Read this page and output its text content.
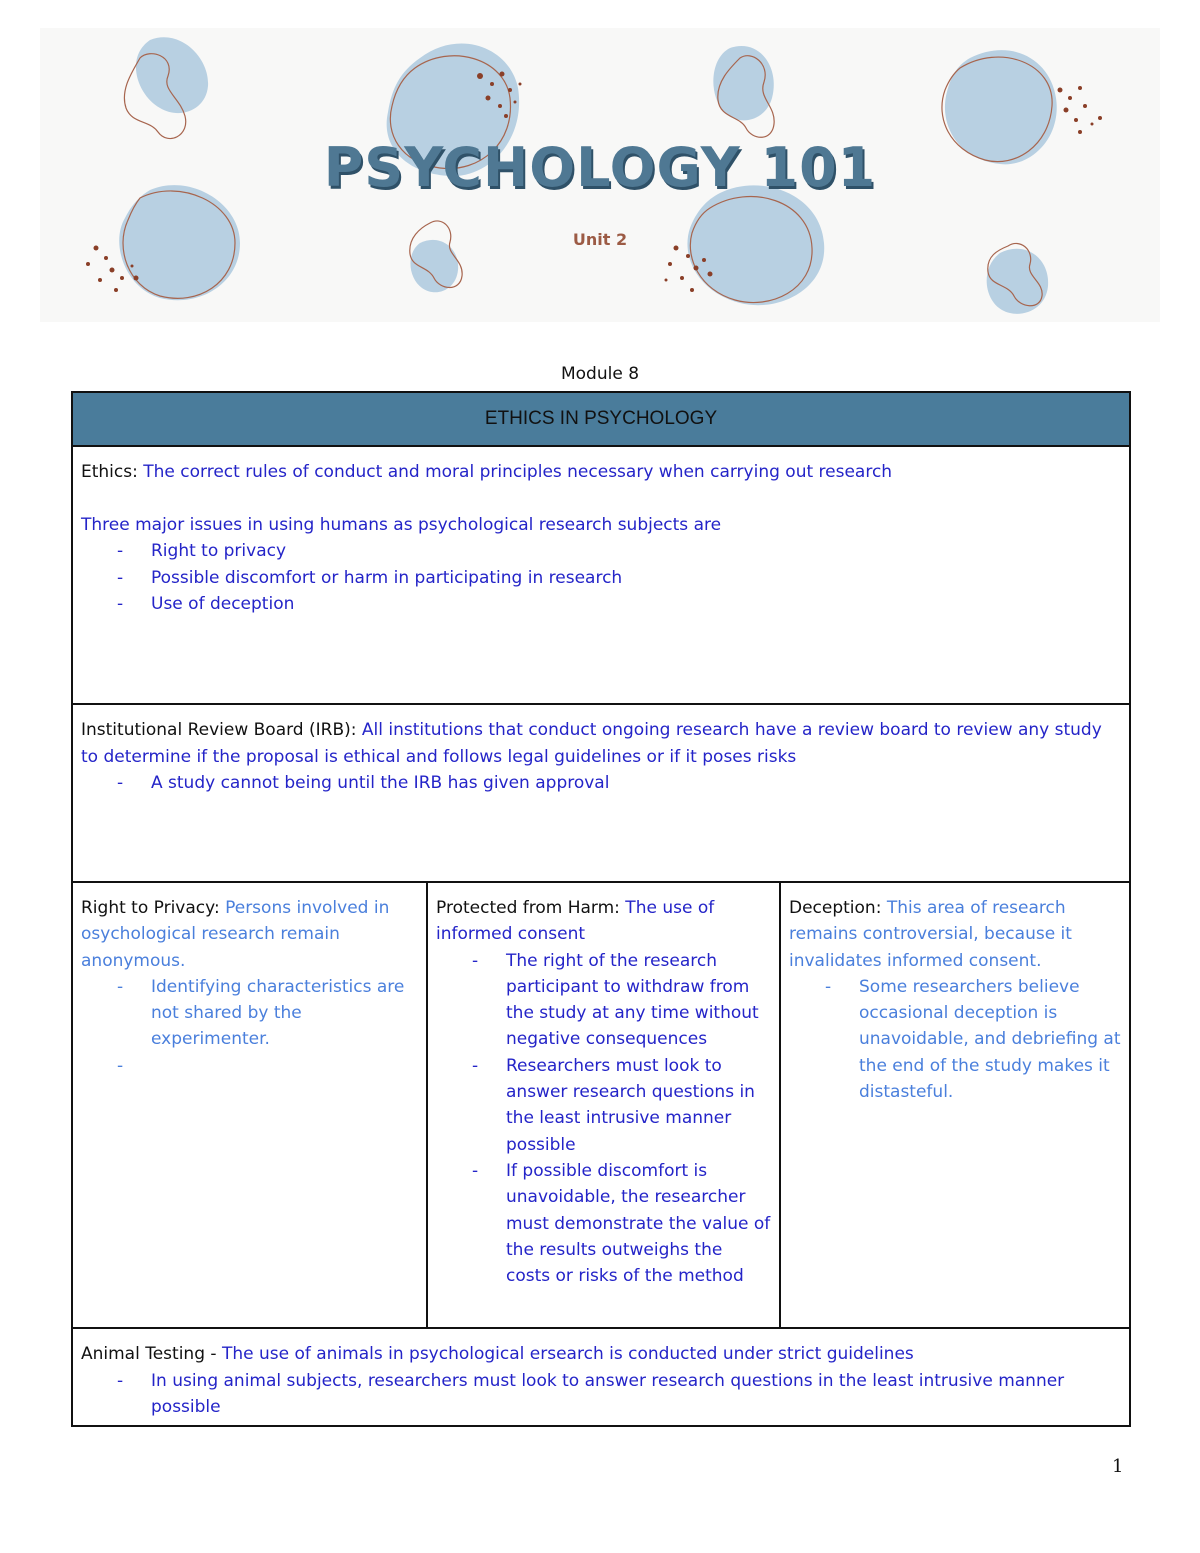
PSYCHOLOGY 101
Unit 2
Module 8
ETHICS IN PSYCHOLOGY
Ethics: The correct rules of conduct and moral principles necessary when carrying out research
Three major issues in using humans as psychological research subjects are
- Right to privacy
- Possible discomfort or harm in participating in research
- Use of deception
Institutional Review Board (IRB): All institutions that conduct ongoing research have a review board to review any study to determine if the proposal is ethical and follows legal guidelines or if it poses risks
- A study cannot being until the IRB has given approval
Right to Privacy: Persons involved in osychological research remain anonymous.
- Identifying characteristics are not shared by the experimenter.
-
Protected from Harm: The use of informed consent
- The right of the research participant to withdraw from the study at any time without negative consequences
- Researchers must look to answer research questions in the least intrusive manner possible
- If possible discomfort is unavoidable, the researcher must demonstrate the value of the results outweighs the costs or risks of the method
Deception: This area of research remains controversial, because it invalidates informed consent.
- Some researchers believe occasional deception is unavoidable, and debriefing at the end of the study makes it distasteful.
Animal Testing - The use of animals in psychological ersearch is conducted under strict guidelines
- In using animal subjects, researchers must look to answer research questions in the least intrusive manner possible
1
